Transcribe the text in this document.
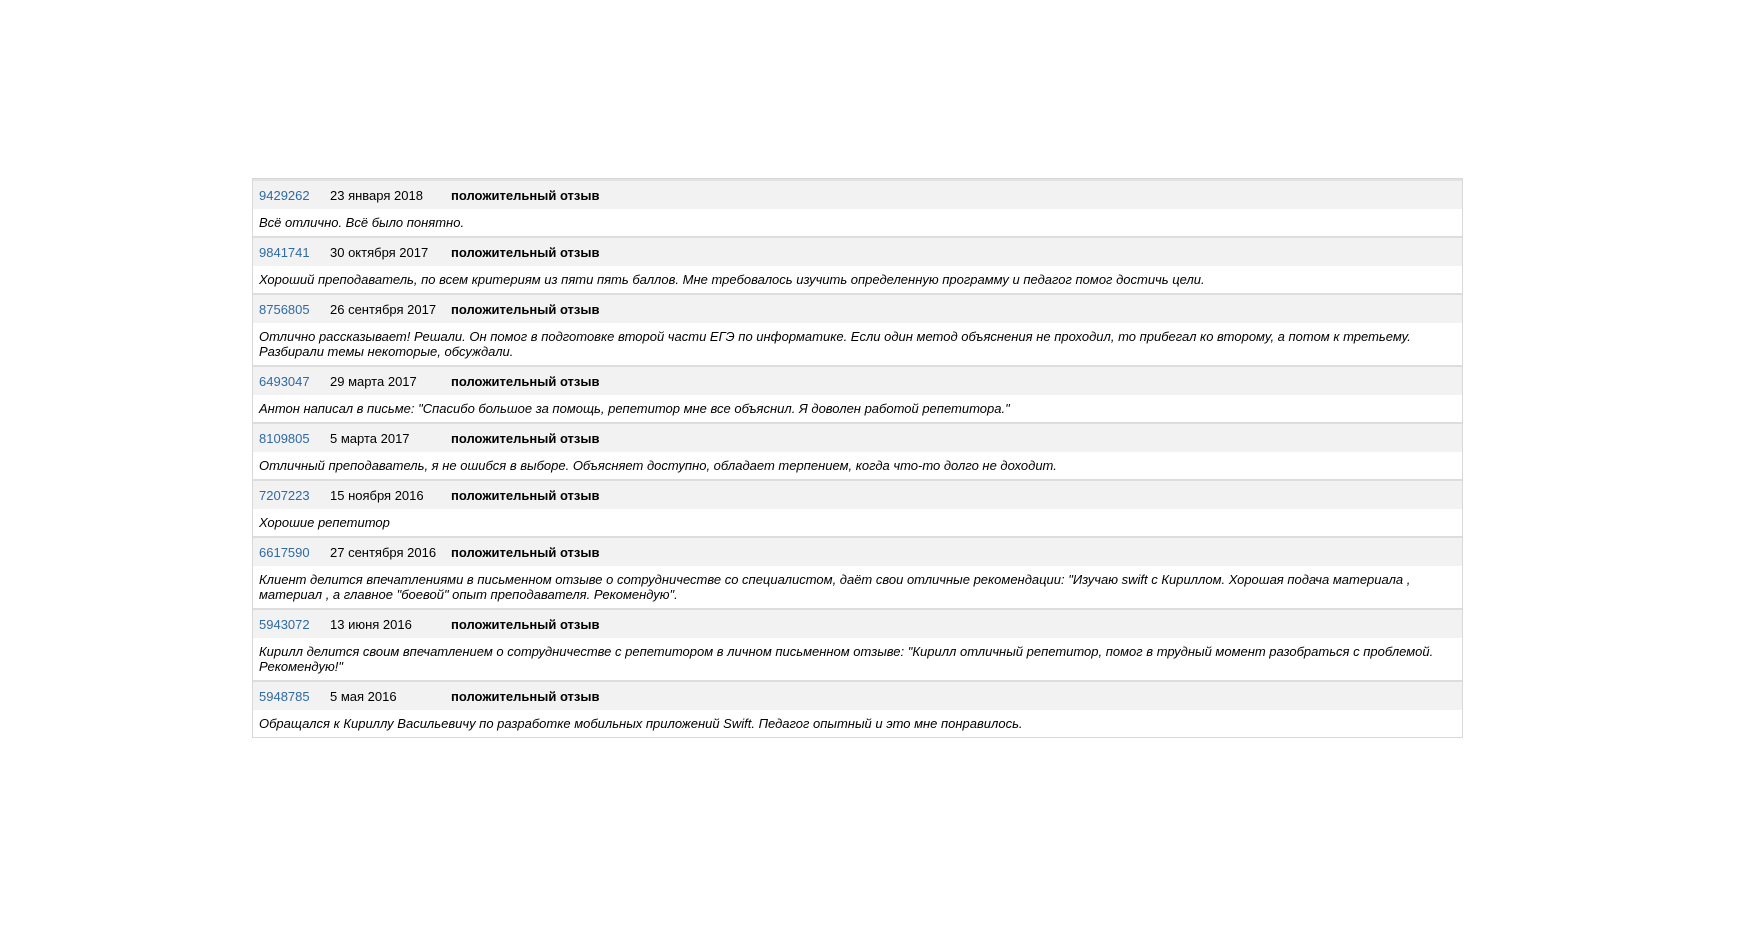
9429262	23 января 2018	положительный отзыв
Всё отлично. Всё было понятно.
9841741	30 октября 2017	положительный отзыв
Хороший преподаватель, по всем критериям из пяти пять баллов. Мне требовалось изучить определенную программу и педагог помог достичь цели.
8756805	26 сентября 2017	положительный отзыв
Отлично рассказывает! Решали. Он помог в подготовке второй части ЕГЭ по информатике. Если один метод объяснения не проходил, то прибегал ко второму, а потом к третьему. Разбирали темы некоторые, обсуждали.
6493047	29 марта 2017	положительный отзыв
Антон написал в письме: "Спасибо большое за помощь, репетитор мне все объяснил. Я доволен работой репетитора."
8109805	5 марта 2017	положительный отзыв
Отличный преподаватель, я не ошибся в выборе. Объясняет доступно, обладает терпением, когда что-то долго не доходит.
7207223	15 ноября 2016	положительный отзыв
Хорошие репетитор
6617590	27 сентября 2016	положительный отзыв
Клиент делится впечатлениями в письменном отзыве о сотрудничестве со специалистом, даёт свои отличные рекомендации: "Изучаю swift с Кириллом. Хорошая подача материала , материал , а главное "боевой" опыт преподавателя. Рекомендую".
5943072	13 июня 2016	положительный отзыв
Кирилл делится своим впечатлением о сотрудничестве с репетитором в личном письменном отзыве: "Кирилл отличный репетитор, помог в трудный момент разобраться с проблемой. Рекомендую!"
5948785	5 мая 2016	положительный отзыв
Обращался к Кириллу Васильевичу по разработке мобильных приложений Swift. Педагог опытный и это мне понравилось.
